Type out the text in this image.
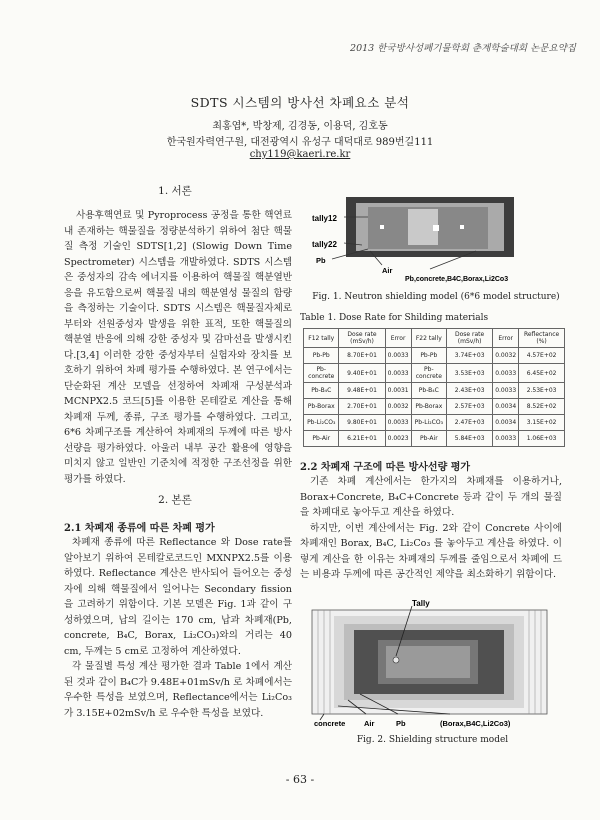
2013 한국방사성폐기물학회 춘계학술대회 논문요약집
SDTS 시스템의 방사선 차폐요소 분석
최홍엽*, 박창제, 김경동, 이용덕, 김호동
한국원자력연구원, 대전광역시 유성구 대덕대로 989번길111
chy119@kaeri.re.kr
1. 서론

사용후핵연료 및 Pyroprocess 공정을 통한 핵연료 내 존재하는 핵물질을 정량분석하기 위하여 첨단 핵물질 측정 기술인 SDTS[1,2] (Slowig Down Time Spectrometer) 시스템을 개발하였다. SDTS 시스템은 중성자의 감속 에너지를 이용하여 핵물질 핵분열반응을 유도함으로써 핵물질 내의 핵분열성 물질의 함량을 측정하는 기술이다. SDTS 시스템은 핵물질자체로부터와 선원중성자 발생을 위한 표적, 또한 핵물질의 핵분열 반응에 의해 강한 중성자 및 감마선을 발생시킨다.[3,4] 이러한 강한 중성자부터 실험자와 장치를 보호하기 위하여 차폐 평가를 수행하였다. 본 연구에서는 단순화된 계산 모델을 선정하여 차폐재 구성분석과 MCNPX2.5 코드[5]를 이용한 몬테칼로 계산을 통해 차폐재 두께, 종류, 구조 평가를 수행하였다. 그리고, 6*6 차폐구조를 계산하여 차폐재의 두께에 따른 방사선량을 평가하였다. 아울러 내부 공간 활용에 영향을 미치지 않고 일반인 기준치에 적정한 구조선정을 위한 평가를 하였다.

2. 본론
2.1 차폐재 종류에 따른 차폐 평가

차폐재 종류에 따른 Reflectance 와 Dose rate를 알아보기 위하여 몬테칼로코드인 MXNPX2.5를 이용하였다. Reflectance 계산은 반사되어 들어오는 중성자에 의해 핵물질에서 일어나는 Secondary fission 을 고려하기 위함이다. 기본 모델은 Fig. 1과 같이 구성하였으며, 납의 길이는 170 cm, 납과 차폐재(Pb, concrete, B₄C, Borax, Li₂CO₃)와의 거리는 40 cm, 두께는 5 cm로 고정하여 계산하였다.

각 물질별 특성 계산 평가한 결과 Table 1에서 계산 된 것과 같이 B₄C가 9.48E+01mSv/h 로 차폐에서는 우수한 특성을 보였으며, Reflectance에서는 Li₂Co₃가 3.15E+02mSv/h 로 우수한 특성을 보였다.

tally12
tally22
Pb
Air
Pb,concrete,B4C,Borax,Li2Co3
Fig. 1. Neutron shielding model (6*6 model structure)
Table 1. Dose Rate for Shilding materials
F12 tally	Dose rate (mSv/h)	Error	F22 tally	Dose rate (mSv/h)	Error	Reflectance (%)
Pb-Pb	8.70E+01	0.0033	Pb-Pb	3.74E+03	0.0032	4.57E+02
Pb-concrete	9.40E+01	0.0033	Pb-concrete	3.53E+03	0.0033	6.45E+02
Pb-B₄C	9.48E+01	0.0031	Pb-B₄C	2.43E+03	0.0033	2.53E+03
Pb-Borax	2.70E+01	0.0032	Pb-Borax	2.57E+03	0.0034	8.52E+02
Pb-Li₂CO₃	9.80E+01	0.0033	Pb-Li₂CO₃	2.47E+03	0.0034	3.15E+02
Pb-Air	6.21E+01	0.0023	Pb-Air	5.84E+03	0.0033	1.06E+03
2.2 차폐재 구조에 따른 방사선량 평가

기존 차폐 계산에서는 한가지의 차폐재를 이용하거나, Borax+Concrete, B₄C+Concrete 등과 같이 두 개의 물질을 차폐대로 놓아두고 계산을 하였다.

하지만, 이번 계산에서는 Fig. 2와 같이 Concrete 사이에 차폐재인 Borax, B₄C, Li₂Co₃ 를 놓아두고 계산을 하였다. 이렇게 계산을 한 이유는 차폐재의 두께를 줄임으로서 차폐에 드는 비용과 두께에 따른 공간적인 제약을 최소화하기 위함이다.

Tally
concrete Air	Pb	(Borax,B4C,Li2Co3)
Fig. 2. Shielding structure model
- 63 -
